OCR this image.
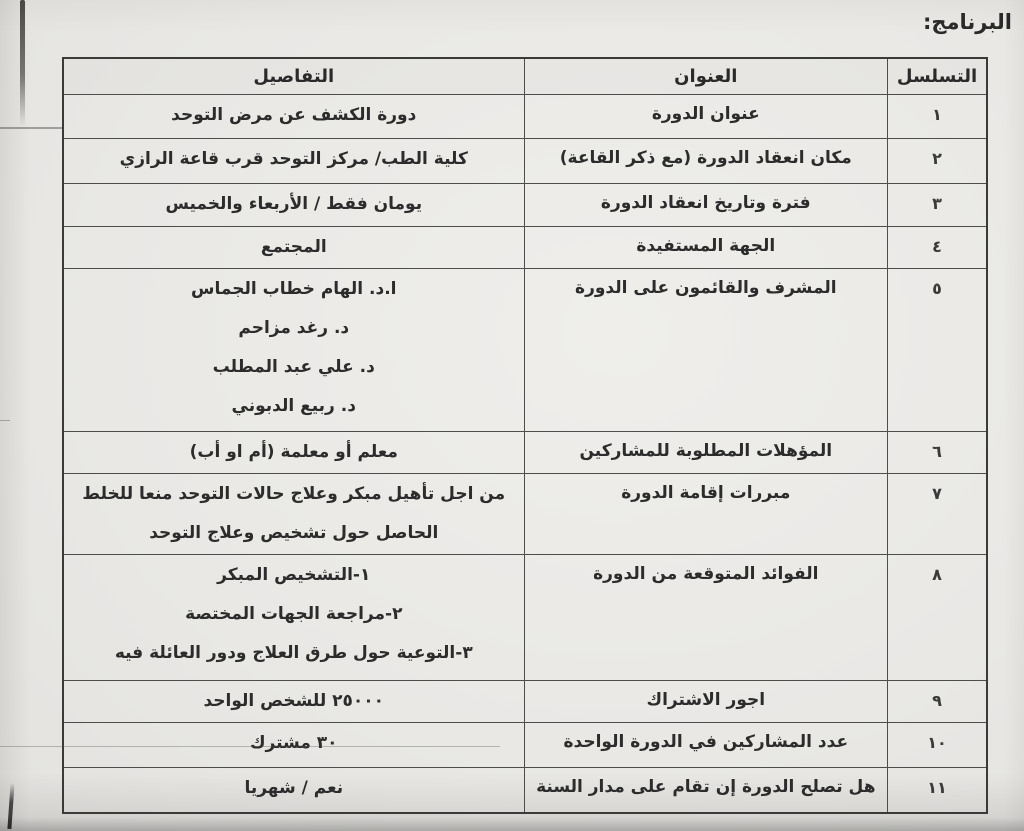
البرنامج:
التسلسل	العنوان	التفاصيل
١	عنوان الدورة	دورة الكشف عن مرض التوحد

٢	مكان انعقاد الدورة (مع ذكر القاعة)	كلية الطب/ مركز التوحد قرب قاعة الرازي

٣	فترة وتاريخ انعقاد الدورة	يومان فقط / الأربعاء والخميس

٤	الجهة المستفيدة	المجتمع

٥	المشرف والقائمون على الدورة	ا.د. الهام خطاب الجماس
د. رغد مزاحم
د. علي عبد المطلب
د. ربيع الدبوني

٦	المؤهلات المطلوبة للمشاركين	معلم أو معلمة (أم او أب)

٧	مبررات إقامة الدورة	من اجل تأهيل مبكر وعلاج حالات التوحد منعا للخلط
الحاصل حول تشخيص وعلاج التوحد

٨	الفوائد المتوقعة من الدورة	١-التشخيص المبكر
٢-مراجعة الجهات المختصة
٣-التوعية حول طرق العلاج ودور العائلة فيه

٩	اجور الاشتراك	٢٥٠٠٠ للشخص الواحد

١٠	عدد المشاركين في الدورة الواحدة	٣٠ مشترك

١١	هل تصلح الدورة إن تقام على مدار السنة	نعم / شهريا
